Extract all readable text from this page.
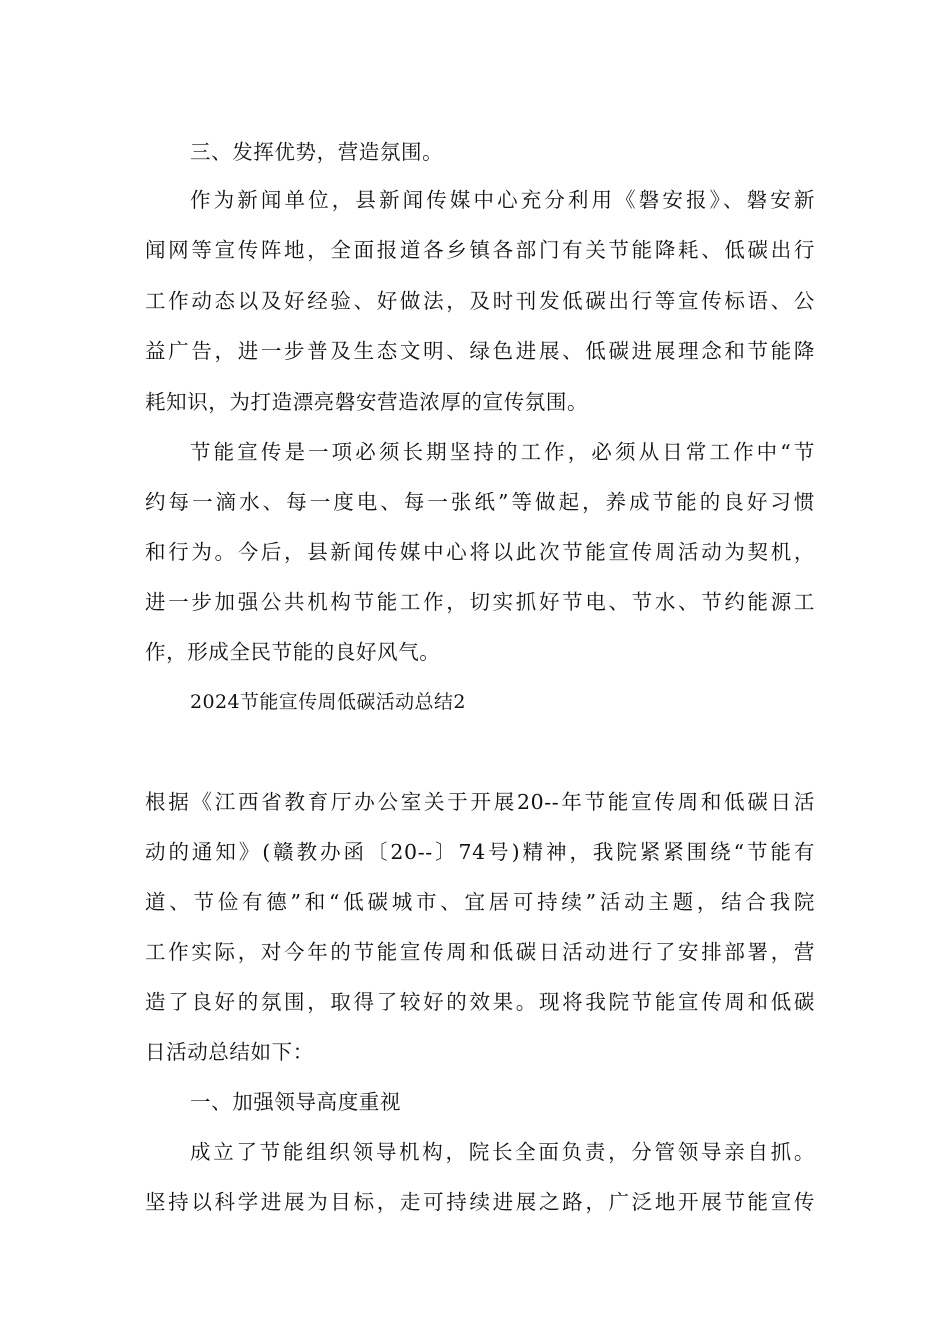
三、发挥优势，营造氛围。
作为新闻单位，县新闻传媒中心充分利用《磐安报》、磐安新
闻网等宣传阵地，全面报道各乡镇各部门有关节能降耗、低碳出行
工作动态以及好经验、好做法，及时刊发低碳出行等宣传标语、公
益广告，进一步普及生态文明、绿色进展、低碳进展理念和节能降
耗知识，为打造漂亮磐安营造浓厚的宣传氛围。
节能宣传是一项必须长期坚持的工作，必须从日常工作中“节
约每一滴水、每一度电、每一张纸”等做起，养成节能的良好习惯
和行为。今后，县新闻传媒中心将以此次节能宣传周活动为契机，
进一步加强公共机构节能工作，切实抓好节电、节水、节约能源工
作，形成全民节能的良好风气。
2024节能宣传周低碳活动总结2
根据《江西省教育厅办公室关于开展20--年节能宣传周和低碳日活
动的通知》(赣教办函〔20--〕74号)精神，我院紧紧围绕“节能有
道、节俭有德”和“低碳城市、宜居可持续”活动主题，结合我院
工作实际，对今年的节能宣传周和低碳日活动进行了安排部署，营
造了良好的氛围，取得了较好的效果。现将我院节能宣传周和低碳
日活动总结如下：
一、加强领导高度重视
成立了节能组织领导机构，院长全面负责，分管领导亲自抓。
坚持以科学进展为目标，走可持续进展之路，广泛地开展节能宣传
